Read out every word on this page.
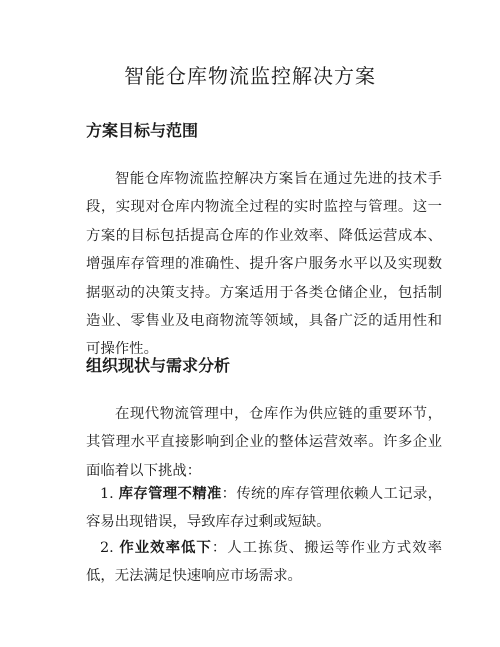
智能仓库物流监控解决方案
方案目标与范围

智能仓库物流监控解决方案旨在通过先进的技术手段，实现对仓库内物流全过程的实时监控与管理。这一方案的目标包括提高仓库的作业效率、降低运营成本、增强库存管理的准确性、提升客户服务水平以及实现数据驱动的决策支持。方案适用于各类仓储企业，包括制造业、零售业及电商物流等领域，具备广泛的适用性和可操作性。

组织现状与需求分析

在现代物流管理中，仓库作为供应链的重要环节，其管理水平直接影响到企业的整体运营效率。许多企业面临着以下挑战：

1. 库存管理不精准：传统的库存管理依赖人工记录，容易出现错误，导致库存过剩或短缺。

2. 作业效率低下：人工拣货、搬运等作业方式效率低，无法满足快速响应市场需求。
